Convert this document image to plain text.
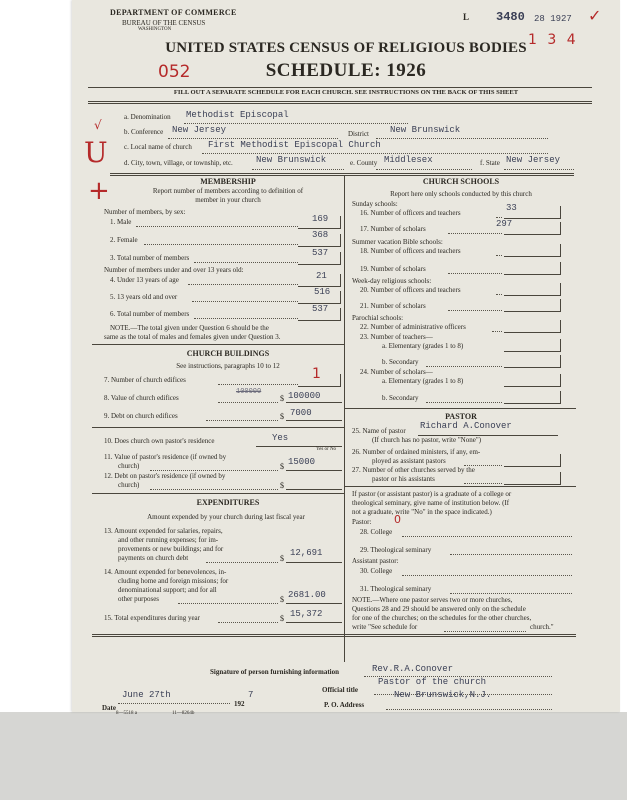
DEPARTMENT OF COMMERCE
BUREAU OF THE CENSUS
WASHINGTON
L 3480 28 1927 ✓
1 3 4
UNITED STATES CENSUS OF RELIGIOUS BODIES
SCHEDULE: 1926
052
FILL OUT A SEPARATE SCHEDULE FOR EACH CHURCH. SEE INSTRUCTIONS ON THE BACK OF THIS SHEET
a. Denomination Methodist Episcopal
√	b. Conference New Jersey	District New Brunswick
U c. Local name of church First Methodist Episcopal Church
d. City, town, village, or township, etc.	New Brunswick	e. County Middlesex	f. State New Jersey
+	MEMBERSHIP
Report number of members according to definition of
member in your church
Number of members, by sex:
1. Male	169
2. Female	368
3. Total number of members	537
Number of members under and over 13 years old:
4. Under 13 years of age	21
5. 13 years old and over	516
6. Total number of members	537
NOTE.—The total given under Question 6 should be the
same as the total of males and females given under Question 3.
CHURCH BUILDINGS
See instructions, paragraphs 10 to 12
7. Number of church edifices	1
8. Value of church edifices
100000
$ 100000
9. Debt on church edifices	$ 7000
10. Does church own pastor's residence	Yes
Yes or No
11. Value of pastor's residence (if owned by
church)	$ 15000
12. Debt on pastor's residence (if owned by
church)	$
EXPENDITURES
Amount expended by your church during last fiscal year
13. Amount expended for salaries, repairs,
and other running expenses; for im-
provements or new buildings; and for
payments on church debt	$
12,691
14. Amount expended for benevolences, in-
cluding home and foreign missions; for
denominational support; and for all
other purposes	$ 2681.00
15. Total expenditures during year	$ 15,372
CHURCH SCHOOLS
Report here only schools conducted by this church
Sunday schools:
16. Number of officers and teachers	33
17. Number of scholars	297
Summer vacation Bible schools:
18. Number of officers and teachers
19. Number of scholars
Week-day religious schools:
20. Number of officers and teachers
21. Number of scholars
Parochial schools:
22. Number of administrative officers
23. Number of teachers—
a. Elementary (grades 1 to 8)
b. Secondary
24. Number of scholars—
a. Elementary (grades 1 to 8)
b. Secondary
PASTOR
25. Name of pastor Richard A.Conover
(If church has no pastor, write "None")
26. Number of ordained ministers, if any, em-
ployed as assistant pastors
27. Number of other churches served by the
pastor or his assistants
If pastor (or assistant pastor) is a graduate of a college or
theological seminary, give name of institution below. (If
not a graduate, write "No" in the space indicated.)
Pastor:
28. College
0
29. Theological seminary
Assistant pastor:
30. College
31. Theological seminary
NOTE.—Where one pastor serves two or more churches,
Questions 28 and 29 should be answered only on the schedule
for one of the churches; on the schedules for the other churches,
write "See schedule for	church."
Signature of person furnishing information	Rev.R.A.Conover
Official title
Pastor of the church
Date
June 27th
192
7
P. O. Address
New Brunswick,N.J.
8—5518 a	11—8264b
